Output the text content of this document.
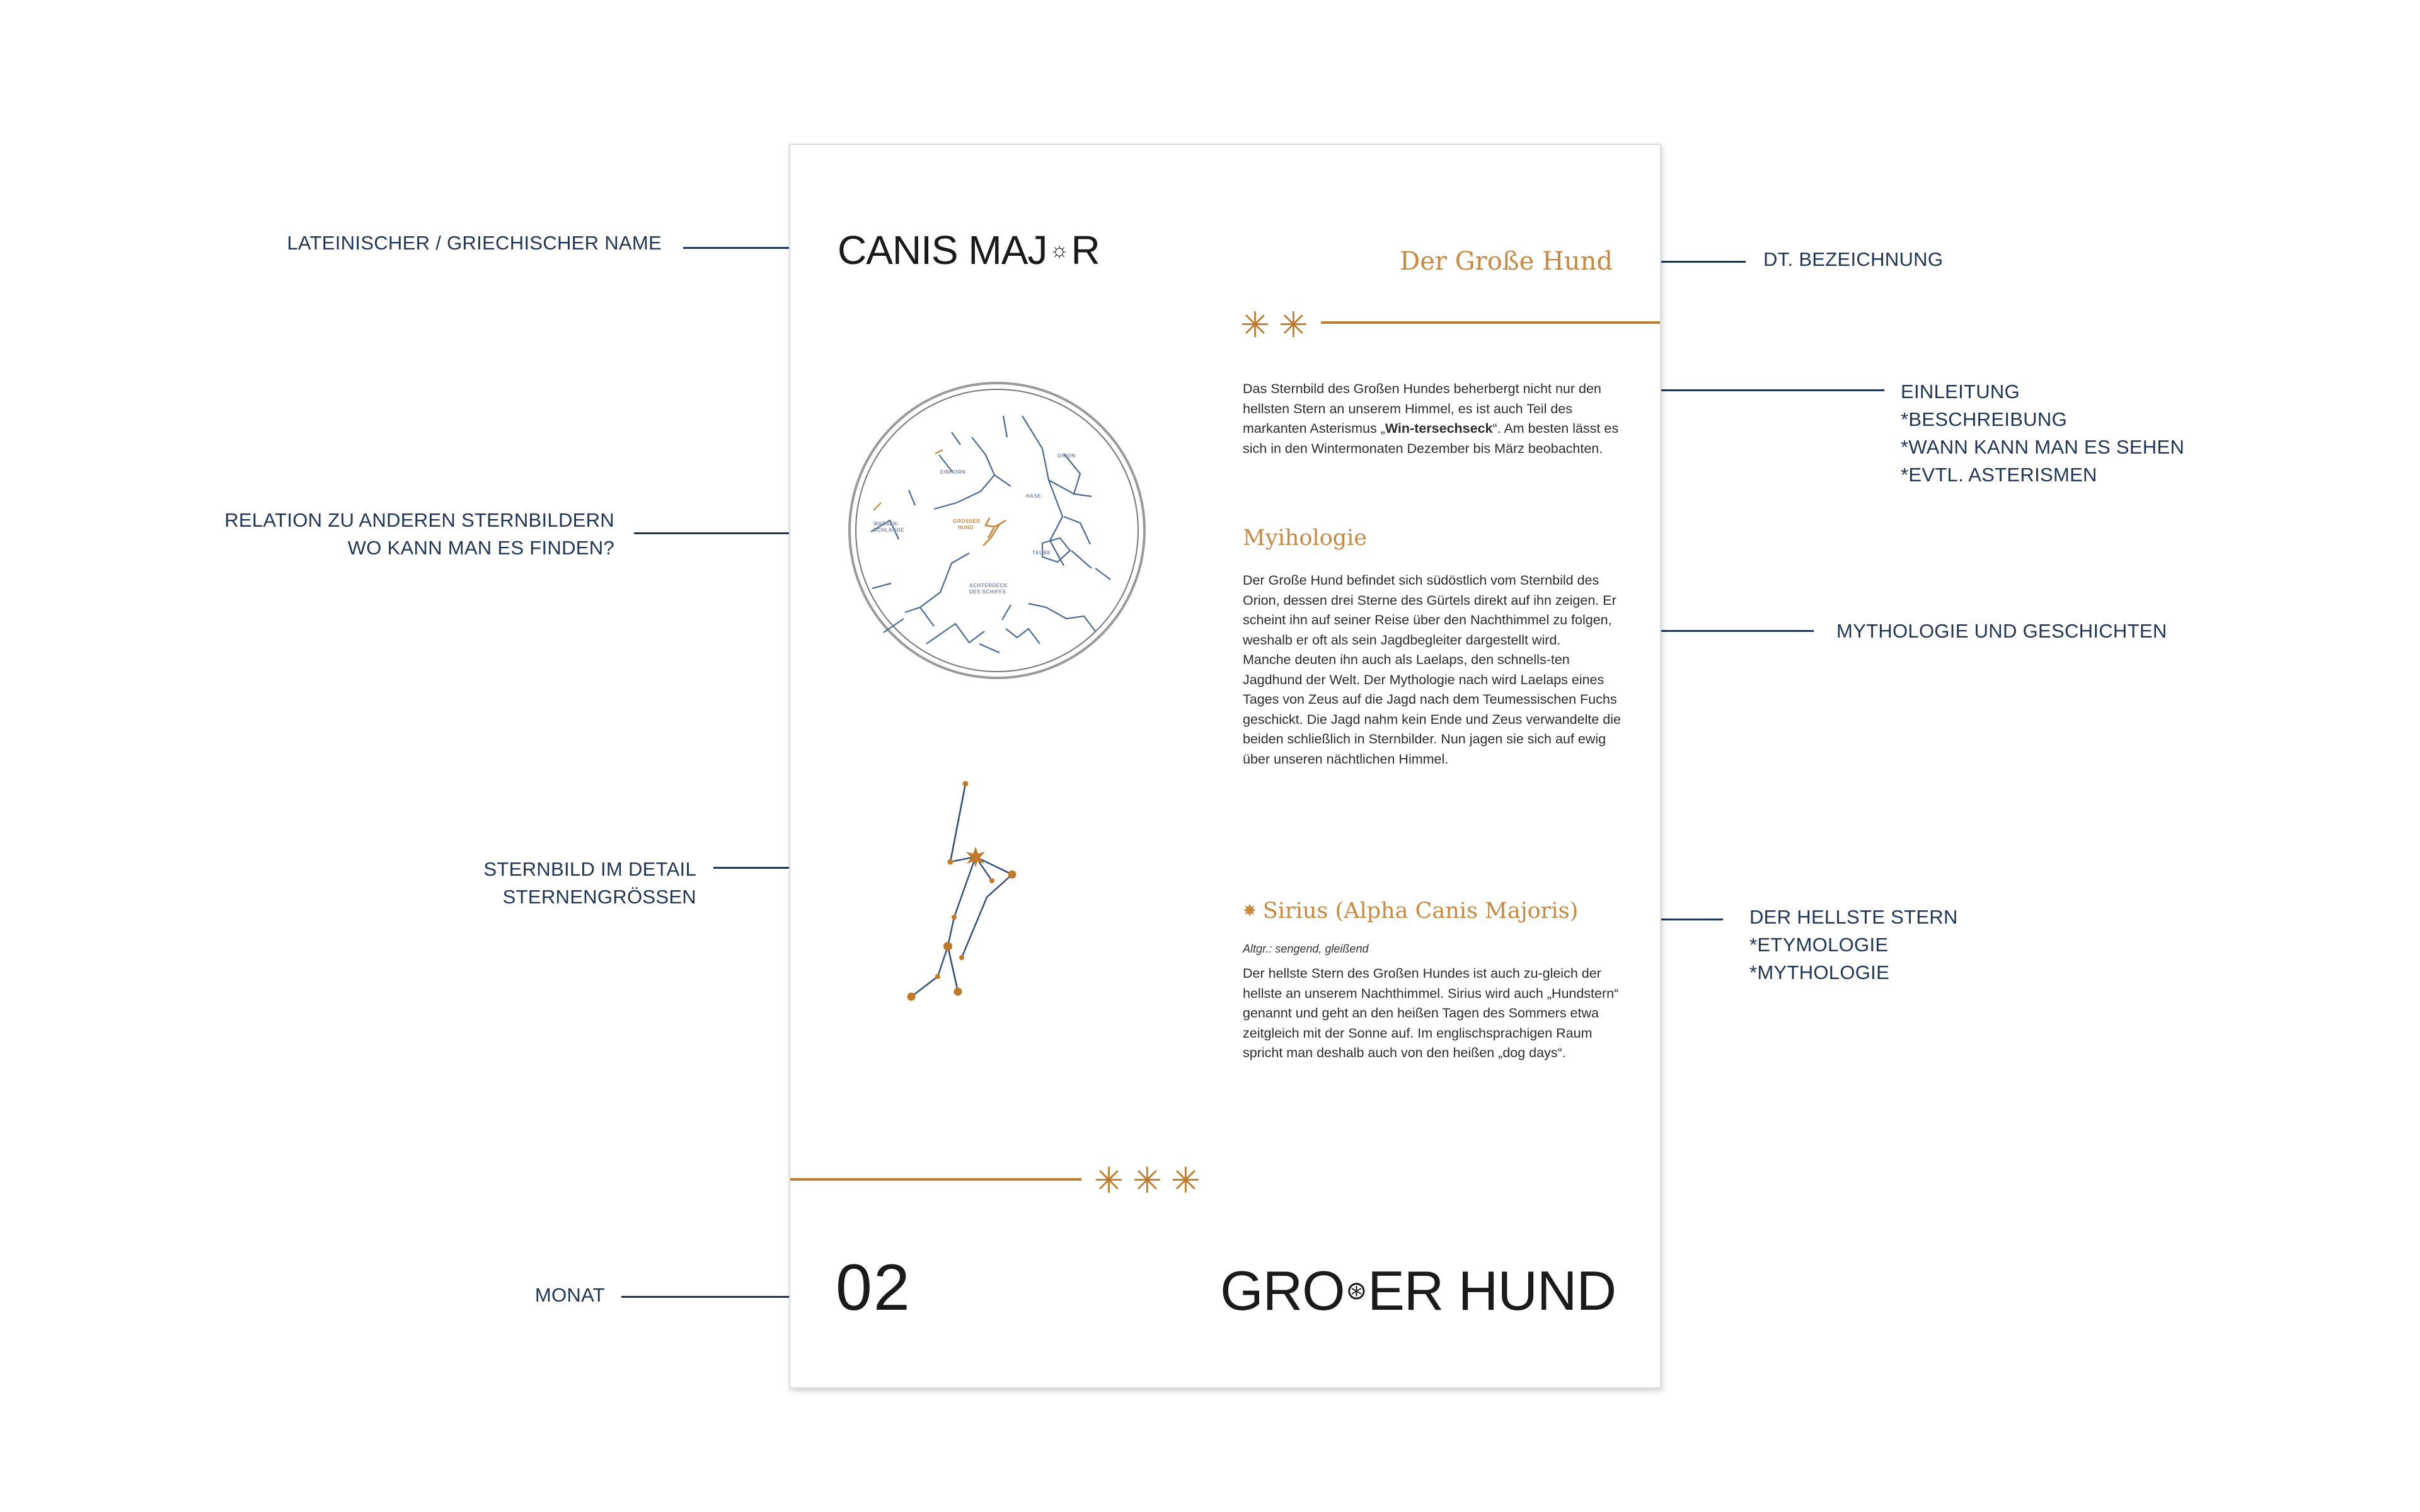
LATEINISCHER / GRIECHISCHER NAME
RELATION ZU ANDEREN STERNBILDERN
WO KANN MAN ES FINDEN?
STERNBILD IM DETAIL
STERNENGRÖSSEN
MONAT
DT. BEZEICHNUNG
EINLEITUNG
*BESCHREIBUNG
*WANN KANN MAN ES SEHEN
*EVTL. ASTERISMEN
MYTHOLOGIE UND GESCHICHTEN
DER HELLSTE STERN
*ETYMOLOGIE
*MYTHOLOGIE
CANIS MAJ ☼ R	Der Große Hund
✳✳

Das Sternbild des Großen Hundes beherbergt nicht nur den hellsten Stern an unserem Himmel, es ist auch Teil des markanten Asterismus „Win-tersechseck“. Am besten lässt es sich in den Wintermonaten Dezember bis März beobachten.

Myihologie

Der Große Hund befindet sich südöstlich vom Sternbild des Orion, dessen drei Sterne des Gürtels direkt auf ihn zeigen. Er scheint ihn auf seiner Reise über den Nachthimmel zu folgen, weshalb er oft als sein Jagdbegleiter dargestellt wird.

Manche deuten ihn auch als Laelaps, den schnells-ten Jagdhund der Welt. Der Mythologie nach wird Laelaps eines Tages von Zeus auf die Jagd nach dem Teumessischen Fuchs geschickt. Die Jagd nahm kein Ende und Zeus verwandelte die beiden schließlich in Sternbilder. Nun jagen sie sich auf ewig über unseren nächtlichen Himmel.

✸ Sirius (Alpha Canis Majoris)
Altgr.: sengend, gleißend

Der hellste Stern des Großen Hundes ist auch zu-gleich der hellste an unserem Nachthimmel. Sirius wird auch „Hundstern“ genannt und geht an den heißen Tagen des Sommers etwa zeitgleich mit der Sonne auf. Im englischsprachigen Raum spricht man deshalb auch von den heißen „dog days“.

ORION
EINHORN
HASE
WASSER-
SCHLANGE
TAUBE
ACHTERDECK
DES SCHIFFS
GROSSER
HUND
✳✳✳
02	GRO ⊛ ER HUND
